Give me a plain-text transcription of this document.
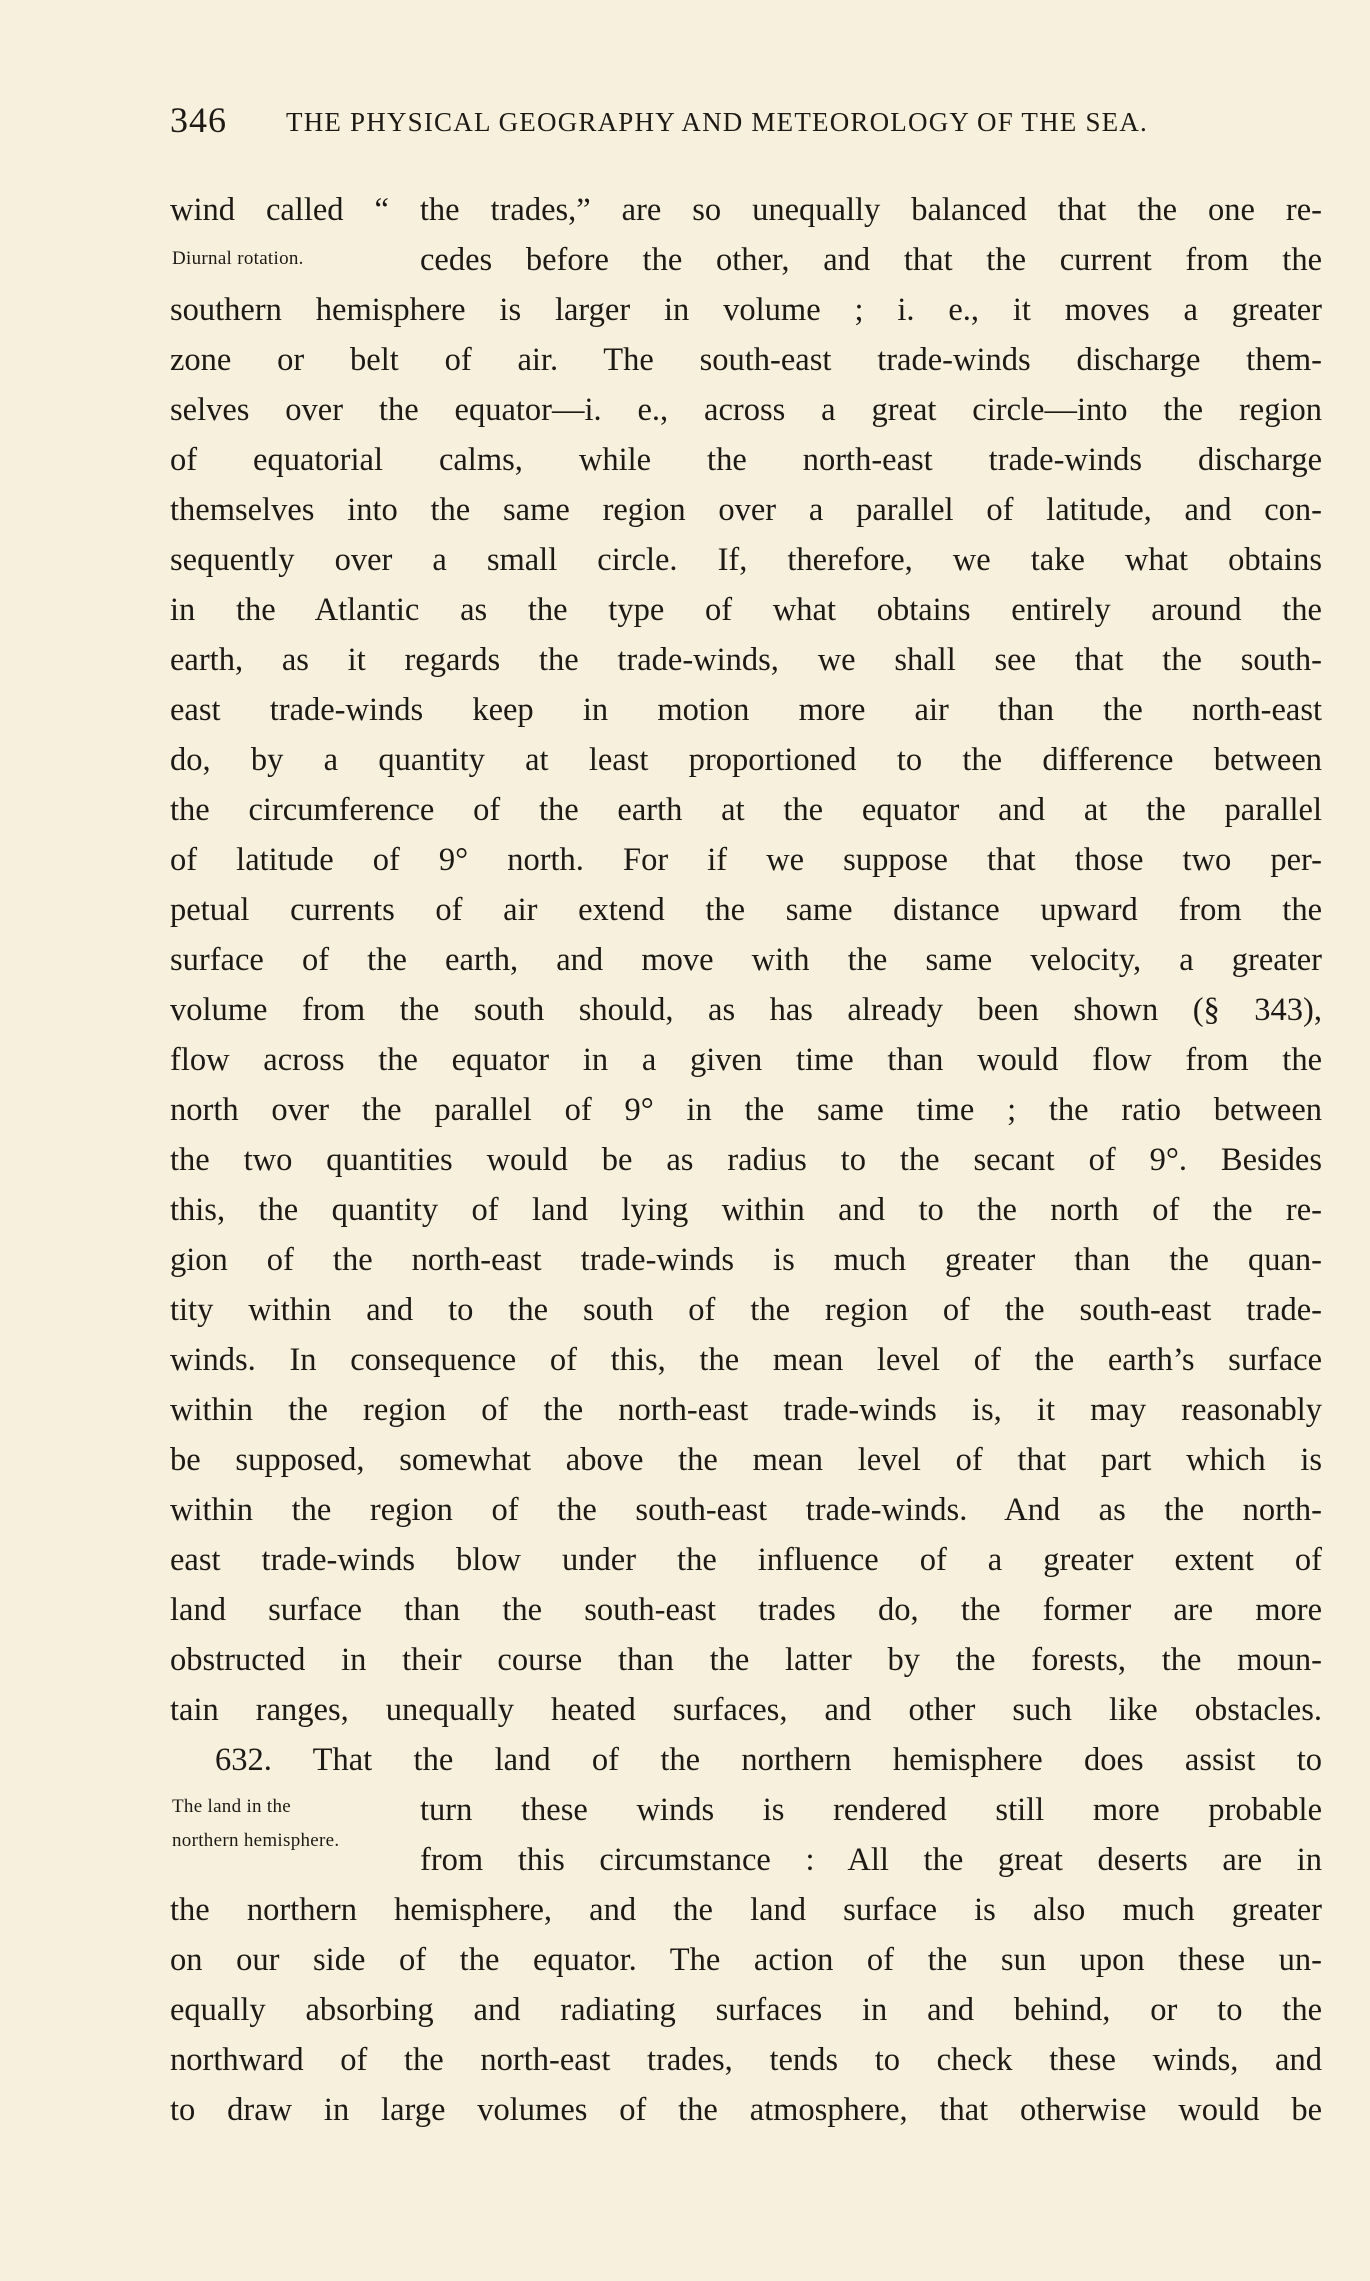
346 THE PHYSICAL GEOGRAPHY AND METEOROLOGY OF THE SEA.
Diurnal rotation.
The land in the
northern hemisphere.
wind called “ the trades,” are so unequally balanced that the one re-
cedes before the other, and that the current from the
southern hemisphere is larger in volume ; i. e., it moves a greater
zone or belt of air. The south-east trade-winds discharge them-
selves over the equator—i. e., across a great circle—into the region
of equatorial calms, while the north-east trade-winds discharge
themselves into the same region over a parallel of latitude, and con-
sequently over a small circle. If, therefore, we take what obtains
in the Atlantic as the type of what obtains entirely around the
earth, as it regards the trade-winds, we shall see that the south-
east trade-winds keep in motion more air than the north-east
do, by a quantity at least proportioned to the difference between
the circumference of the earth at the equator and at the parallel
of latitude of 9° north. For if we suppose that those two per-
petual currents of air extend the same distance upward from the
surface of the earth, and move with the same velocity, a greater
volume from the south should, as has already been shown (§ 343),
flow across the equator in a given time than would flow from the
north over the parallel of 9° in the same time ; the ratio between
the two quantities would be as radius to the secant of 9°. Besides
this, the quantity of land lying within and to the north of the re-
gion of the north-east trade-winds is much greater than the quan-
tity within and to the south of the region of the south-east trade-
winds. In consequence of this, the mean level of the earth’s surface
within the region of the north-east trade-winds is, it may reasonably
be supposed, somewhat above the mean level of that part which is
within the region of the south-east trade-winds. And as the north-
east trade-winds blow under the influence of a greater extent of
land surface than the south-east trades do, the former are more
obstructed in their course than the latter by the forests, the moun-
tain ranges, unequally heated surfaces, and other such like obstacles.
632. That the land of the northern hemisphere does assist to
turn these winds is rendered still more probable
from this circumstance : All the great deserts are in
the northern hemisphere, and the land surface is also much greater
on our side of the equator. The action of the sun upon these un-
equally absorbing and radiating surfaces in and behind, or to the
northward of the north-east trades, tends to check these winds, and
to draw in large volumes of the atmosphere, that otherwise would be
